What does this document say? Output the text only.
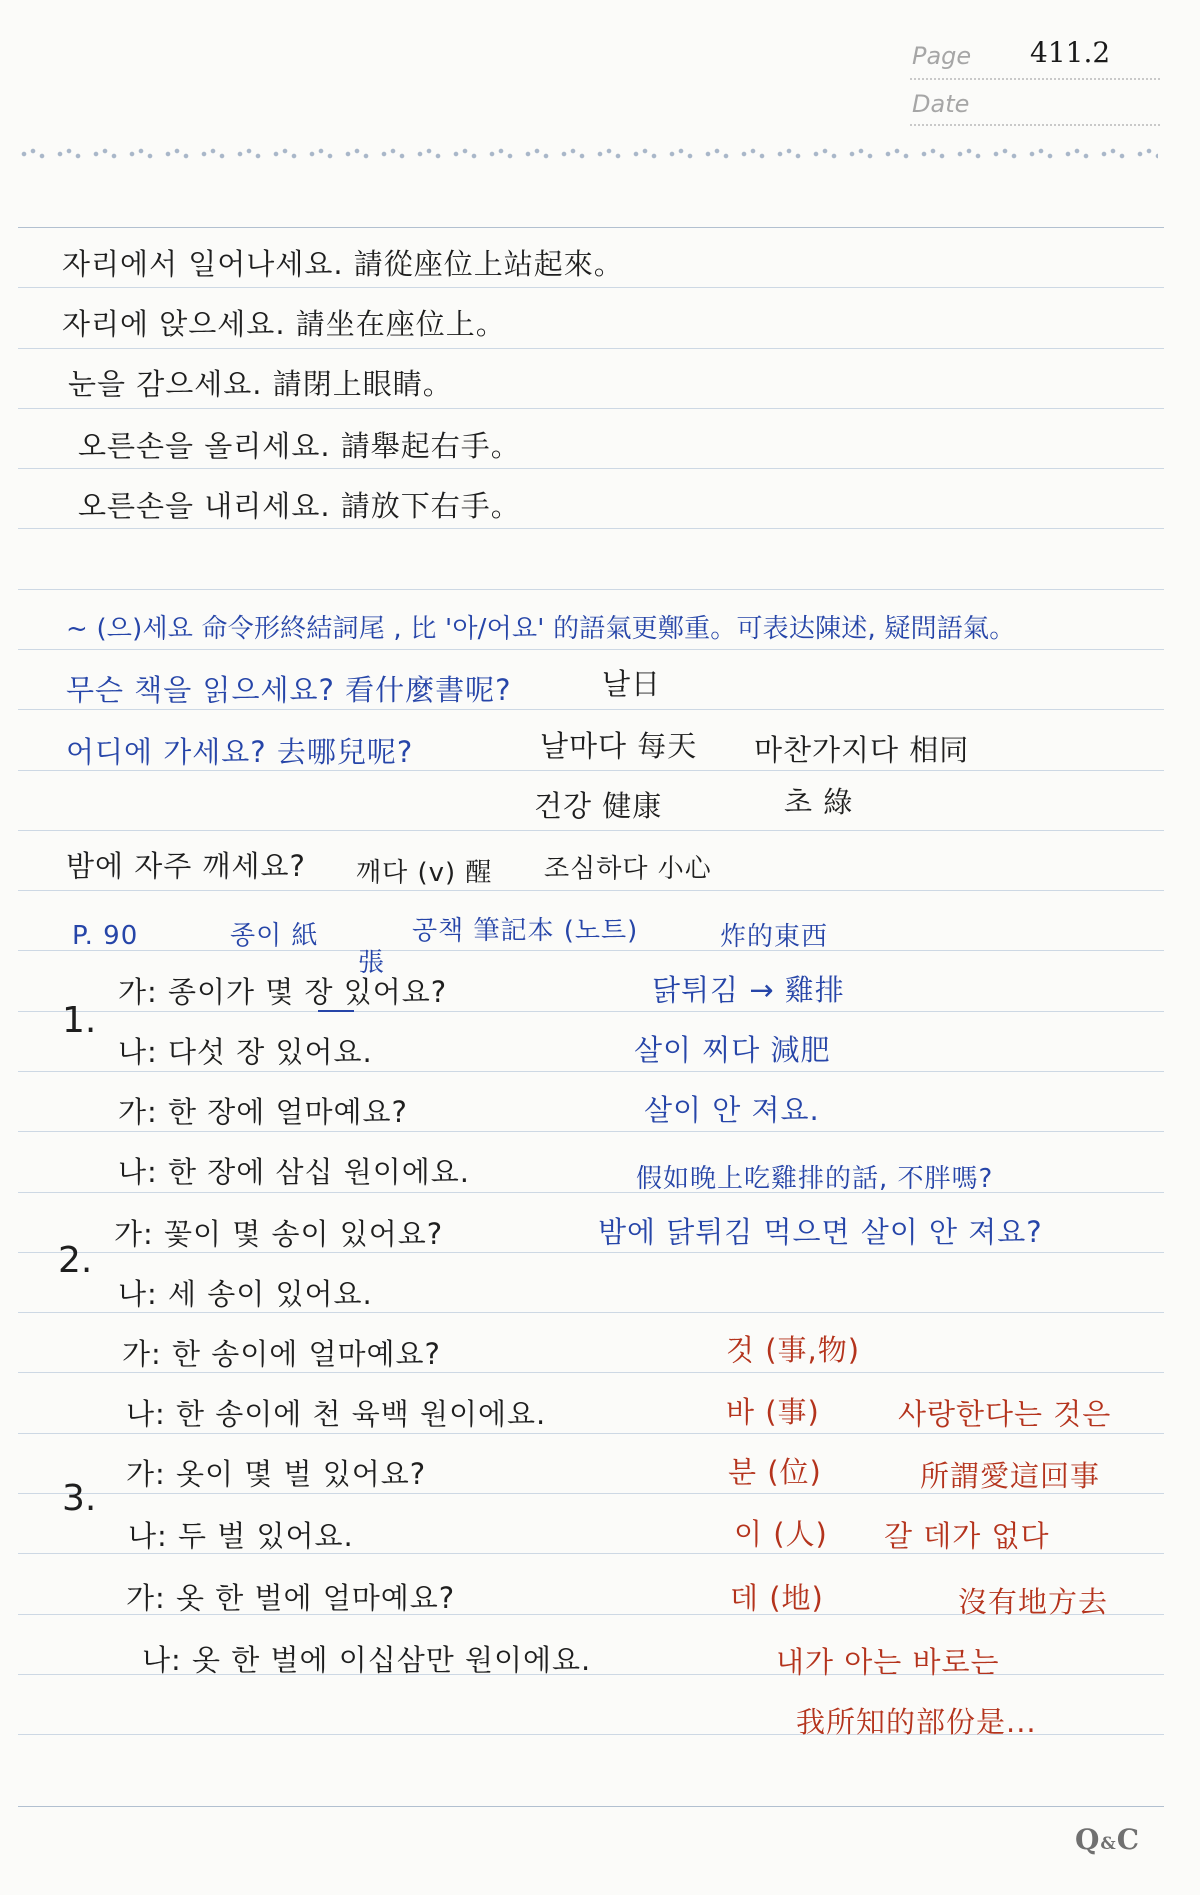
Page 411.2
Date
자리에서 일어나세요. 請從座位上站起來。
자리에 앉으세요. 請坐在座位上。
눈을 감으세요. 請閉上眼睛。
오른손을 올리세요. 請舉起右手。
오른손을 내리세요. 請放下右手。
~ (으)세요 命令形終結詞尾 , 比 '아/어요' 的語氣更鄭重。可表达陳述, 疑問語氣。
무슨 책을 읽으세요? 看什麼書呢?	날日
어디에 가세요? 去哪兒呢?	날마다 每天 마찬가지다 相同
건강 健康	초 綠
밤에 자주 깨세요? 깨다 (v) 醒 조심하다 小心
P. 90	종이 紙	공책 筆記本 (노트)
張
炸的東西
1.
가: 종이가 몇 장 있어요?	닭튀김 → 雞排
나: 다섯 장 있어요.	살이 찌다 減肥
가: 한 장에 얼마예요?	살이 안 져요.
나: 한 장에 삼십 원이에요.	假如晚上吃雞排的話, 不胖嗎?
2.
가: 꽃이 몇 송이 있어요?	밤에 닭튀김 먹으면 살이 안 져요?
나: 세 송이 있어요.
가: 한 송이에 얼마예요?	것 (事,物)
나: 한 송이에 천 육백 원이에요.	바 (事)	사랑한다는 것은
3.
가: 옷이 몇 벌 있어요?	분 (位)	所謂愛這回事
나: 두 벌 있어요.	이 (人) 갈 데가 없다
가: 옷 한 벌에 얼마예요?	데 (地)	沒有地方去
나: 옷 한 벌에 이십삼만 원이에요.	내가 아는 바로는
我所知的部份是...
Q&C
